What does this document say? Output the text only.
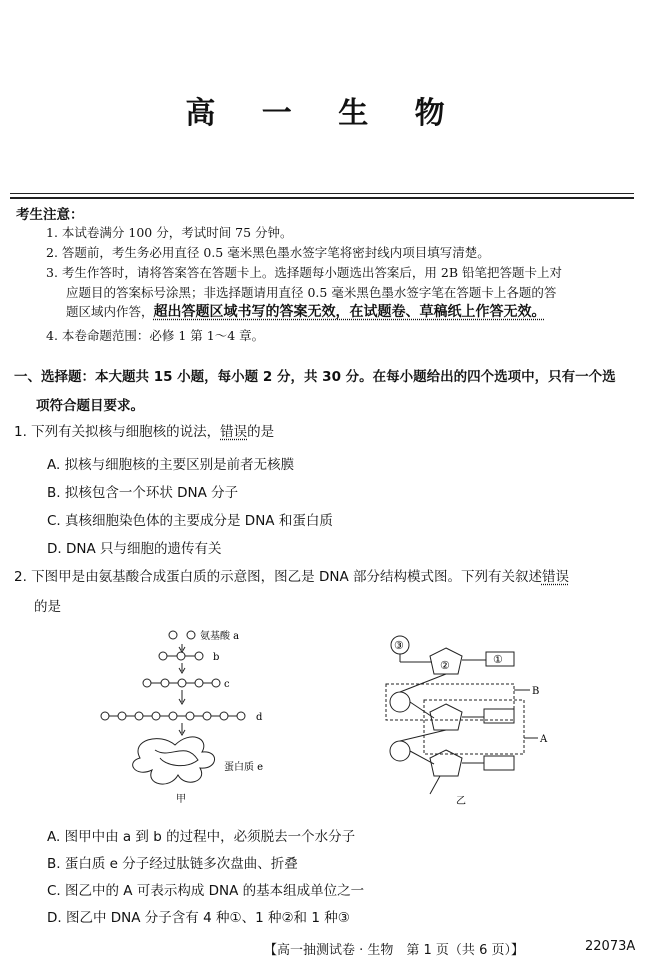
高 一 生 物
考生注意：
1. 本试卷满分 100 分，考试时间 75 分钟。
2. 答题前，考生务必用直径 0.5 毫米黑色墨水签字笔将密封线内项目填写清楚。
3. 考生作答时，请将答案答在答题卡上。选择题每小题选出答案后，用 2B 铅笔把答题卡上对
应题目的答案标号涂黑；非选择题请用直径 0.5 毫米黑色墨水签字笔在答题卡上各题的答
题区域内作答，超出答题区域书写的答案无效，在试题卷、草稿纸上作答无效。
4. 本卷命题范围：必修 1 第 1～4 章。
一、选择题：本大题共 15 小题，每小题 2 分，共 30 分。在每小题给出的四个选项中，只有一个选
项符合题目要求。
1. 下列有关拟核与细胞核的说法，错误的是
A. 拟核与细胞核的主要区别是前者无核膜
B. 拟核包含一个环状 DNA 分子
C. 真核细胞染色体的主要成分是 DNA 和蛋白质
D. DNA 只与细胞的遗传有关
2. 下图甲是由氨基酸合成蛋白质的示意图，图乙是 DNA 部分结构模式图。下列有关叙述错误
的是
氨基酸 a
b
c
d
蛋白质 e
甲
③
②	①
B
A
乙
A. 图甲中由 a 到 b 的过程中，必须脱去一个水分子
B. 蛋白质 e 分子经过肽链多次盘曲、折叠
C. 图乙中的 A 可表示构成 DNA 的基本组成单位之一
D. 图乙中 DNA 分子含有 4 种①、1 种②和 1 种③
【高一抽测试卷 · 生物　第 1 页（共 6 页）】	22073A
